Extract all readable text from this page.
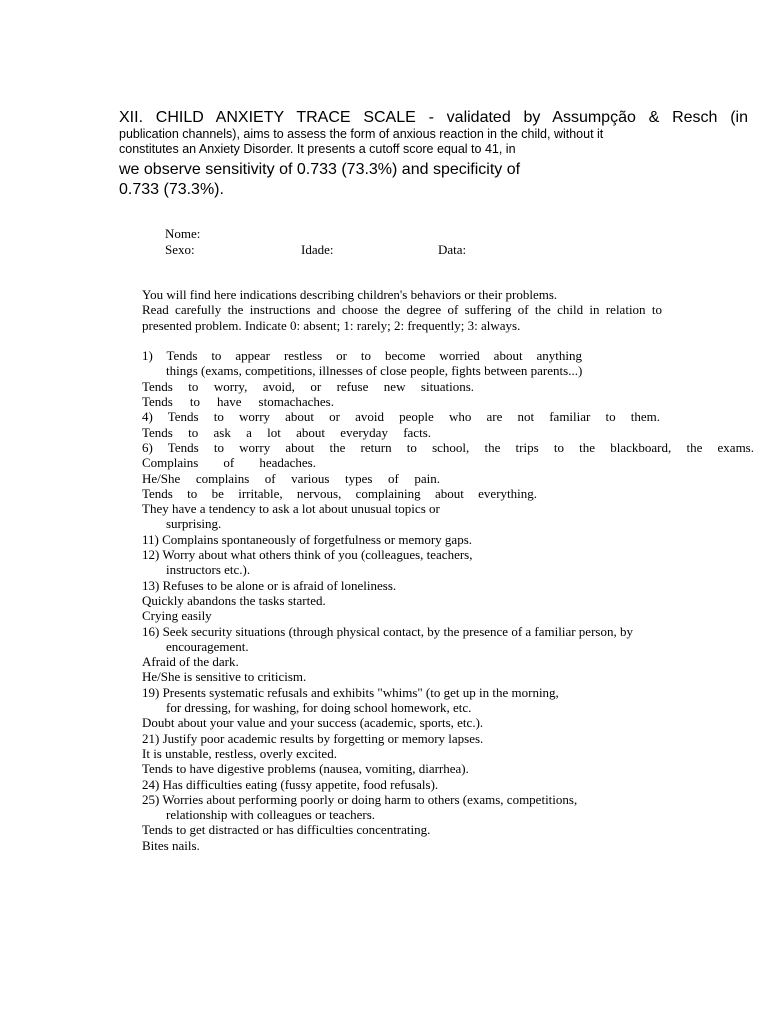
XII. CHILD ANXIETY TRACE SCALE - validated by Assumpção & Resch (in
publication channels), aims to assess the form of anxious reaction in the child, without it
constitutes an Anxiety Disorder. It presents a cutoff score equal to 41, in
we observe sensitivity of 0.733 (73.3%) and specificity of
0.733 (73.3%).
Nome:
Sexo:	Idade:	Data:
You will find here indications describing children's behaviors or their problems.
Read carefully the instructions and choose the degree of suffering of the child in relation to
presented problem. Indicate 0: absent; 1: rarely; 2: frequently; 3: always.
1) Tends to appear restless or to become worried about anything
things (exams, competitions, illnesses of close people, fights between parents...)
Tends to worry, avoid, or refuse new situations.
Tends to have stomachaches.
4) Tends to worry about or avoid people who are not familiar to them.
Tends to ask a lot about everyday facts.
6) Tends to worry about the return to school, the trips to the blackboard, the exams.
Complains of headaches.
He/She complains of various types of pain.
Tends to be irritable, nervous, complaining about everything.
They have a tendency to ask a lot about unusual topics or
surprising.
11) Complains spontaneously of forgetfulness or memory gaps.
12) Worry about what others think of you (colleagues, teachers,
instructors etc.).
13) Refuses to be alone or is afraid of loneliness.
Quickly abandons the tasks started.
Crying easily
16) Seek security situations (through physical contact, by the presence of a familiar person, by
encouragement.
Afraid of the dark.
He/She is sensitive to criticism.
19) Presents systematic refusals and exhibits "whims" (to get up in the morning,
for dressing, for washing, for doing school homework, etc.
Doubt about your value and your success (academic, sports, etc.).
21) Justify poor academic results by forgetting or memory lapses.
It is unstable, restless, overly excited.
Tends to have digestive problems (nausea, vomiting, diarrhea).
24) Has difficulties eating (fussy appetite, food refusals).
25) Worries about performing poorly or doing harm to others (exams, competitions,
relationship with colleagues or teachers.
Tends to get distracted or has difficulties concentrating.
Bites nails.
